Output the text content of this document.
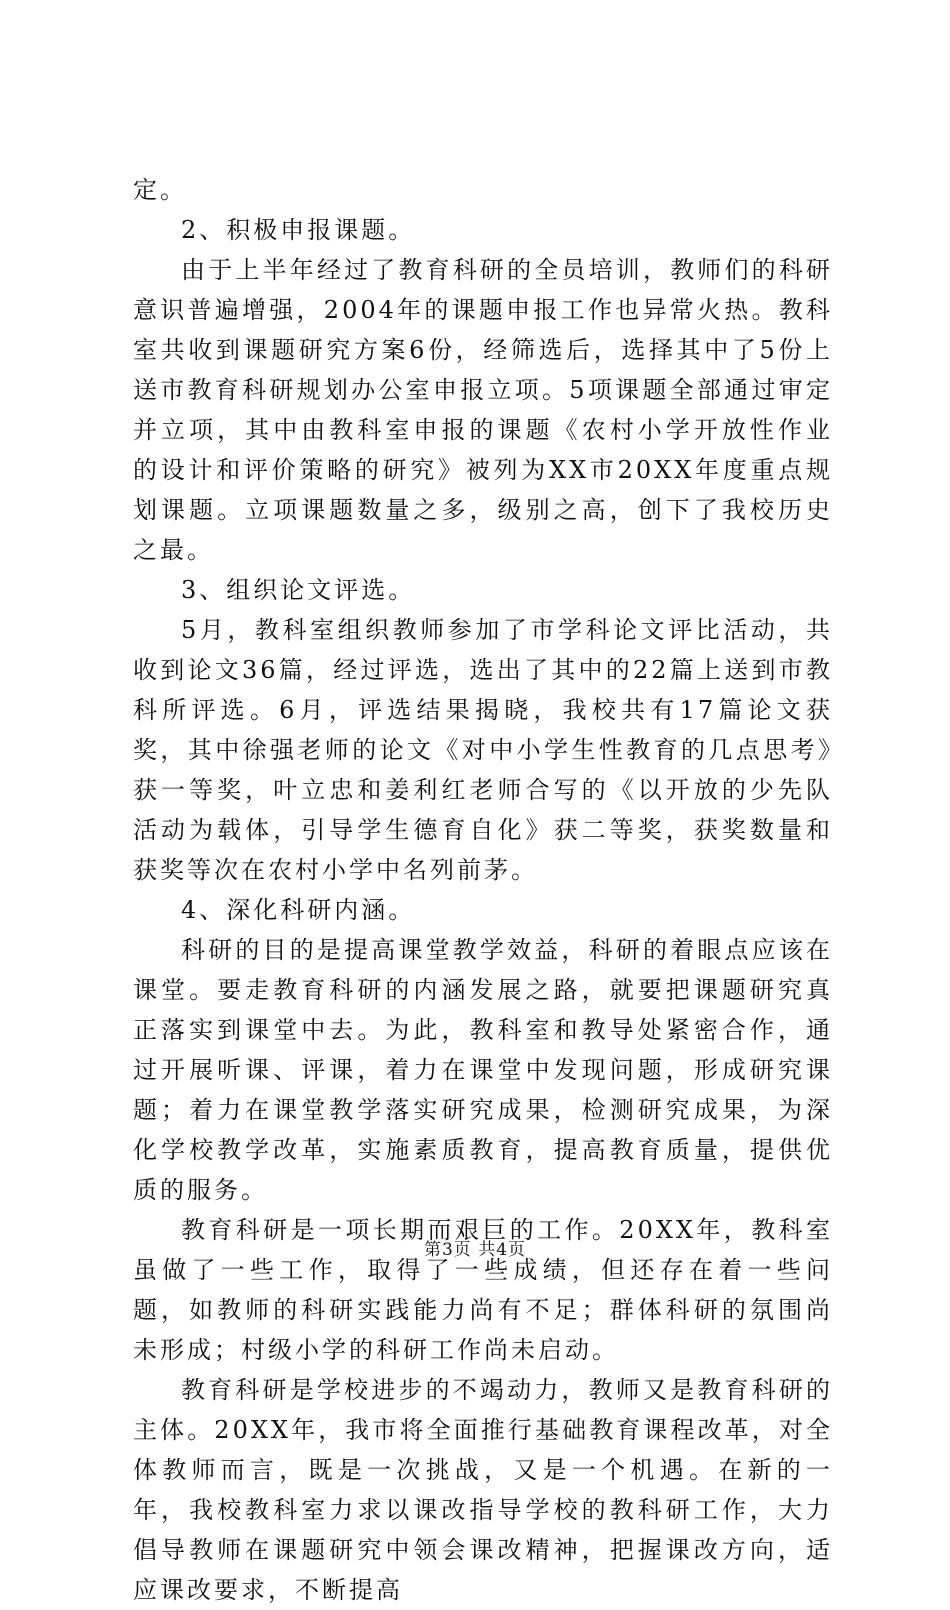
定。

2、积极申报课题。

由于上半年经过了教育科研的全员培训，教师们的科研意识普遍增强，2004年的课题申报工作也异常火热。教科室共收到课题研究方案6份，经筛选后，选择其中了5份上送市教育科研规划办公室申报立项。5项课题全部通过审定并立项，其中由教科室申报的课题《农村小学开放性作业的设计和评价策略的研究》被列为XX市20XX年度重点规划课题。立项课题数量之多，级别之高，创下了我校历史之最。

3、组织论文评选。

5月，教科室组织教师参加了市学科论文评比活动，共收到论文36篇，经过评选，选出了其中的22篇上送到市教科所评选。6月，评选结果揭晓，我校共有17篇论文获奖，其中徐强老师的论文《对中小学生性教育的几点思考》获一等奖，叶立忠和姜利红老师合写的《以开放的少先队活动为载体，引导学生德育自化》获二等奖，获奖数量和获奖等次在农村小学中名列前茅。

4、深化科研内涵。

科研的目的是提高课堂教学效益，科研的着眼点应该在课堂。要走教育科研的内涵发展之路，就要把课题研究真正落实到课堂中去。为此，教科室和教导处紧密合作，通过开展听课、评课，着力在课堂中发现问题，形成研究课题；着力在课堂教学落实研究成果，检测研究成果，为深化学校教学改革，实施素质教育，提高教育质量，提供优质的服务。

教育科研是一项长期而艰巨的工作。20XX年，教科室虽做了一些工作，取得了一些成绩，但还存在着一些问题，如教师的科研实践能力尚有不足；群体科研的氛围尚未形成；村级小学的科研工作尚未启动。

教育科研是学校进步的不竭动力，教师又是教育科研的主体。20XX年，我市将全面推行基础教育课程改革，对全体教师而言，既是一次挑战，又是一个机遇。在新的一年，我校教科室力求以课改指导学校的教科研工作，大力倡导教师在课题研究中领会课改精神，把握课改方向，适应课改要求，不断提高

第3页 共4页
